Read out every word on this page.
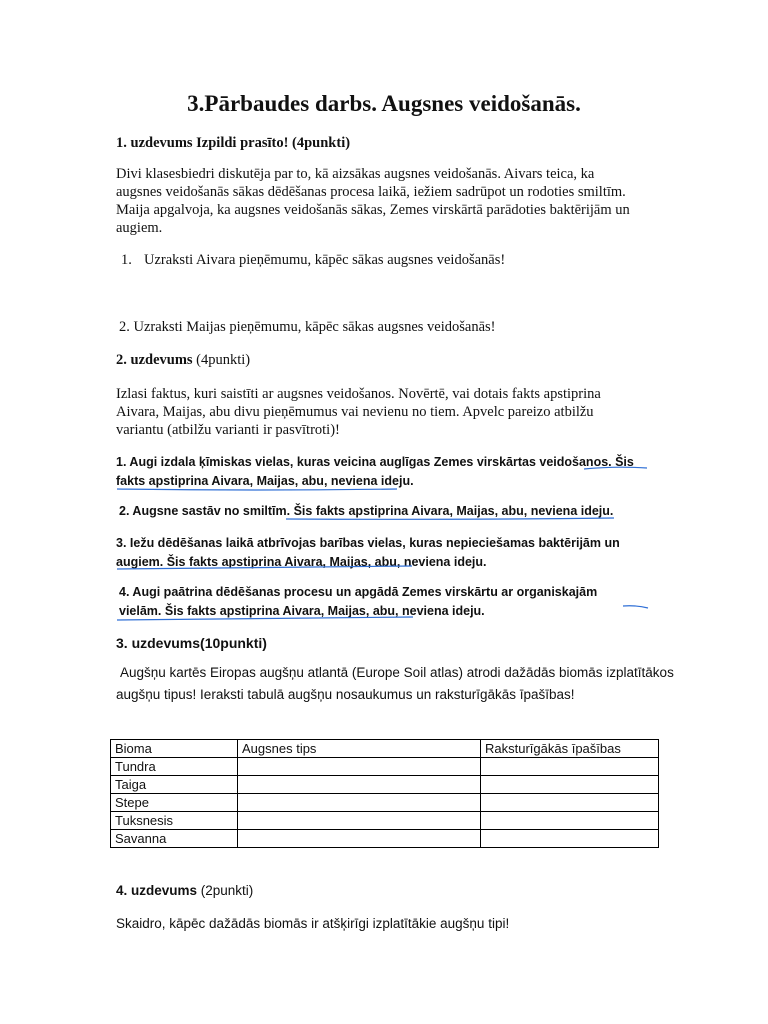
3.Pārbaudes darbs. Augsnes veidošanās.
1. uzdevums Izpildi prasīto! (4punkti)
Divi klasesbiedri diskutēja par to, kā aizsākas augsnes veidošanās. Aivars teica, ka augsnes veidošanās sākas dēdēšanas procesa laikā, iežiem sadrūpot un rodoties smiltīm. Maija apgalvoja, ka augsnes veidošanās sākas, Zemes virskārtā parādoties baktērijām un augiem.
1. Uzraksti Aivara pieņēmumu, kāpēc sākas augsnes veidošanās!
2. Uzraksti Maijas pieņēmumu, kāpēc sākas augsnes veidošanās!
2. uzdevums (4punkti)
Izlasi faktus, kuri saistīti ar augsnes veidošanos. Novērtē, vai dotais fakts apstiprina Aivara, Maijas, abu divu pieņēmumus vai nevienu no tiem. Apvelc pareizo atbilžu variantu (atbilžu varianti ir pasvītroti)!
1. Augi izdala ķīmiskas vielas, kuras veicina auglīgas Zemes virskārtas veidošanos. Šis fakts apstiprina Aivara, Maijas, abu, neviena ideju.
2. Augsne sastāv no smiltīm. Šis fakts apstiprina Aivara, Maijas, abu, neviena ideju.
3. Iežu dēdēšanas laikā atbrīvojas barības vielas, kuras nepieciešamas baktērijām un augiem. Šis fakts apstiprina Aivara, Maijas, abu, neviena ideju.
4. Augi paātrina dēdēšanas procesu un apgādā Zemes virskārtu ar organiskajām vielām. Šis fakts apstiprina Aivara, Maijas, abu, neviena ideju.
3. uzdevums(10punkti)
Augšņu kartēs Eiropas augšņu atlantā (Europe Soil atlas) atrodi dažādās biomās izplatītākos augšņu tipus! Ieraksti tabulā augšņu nosaukumus un raksturīgākās īpašības!
Bioma	Augsnes tips	Raksturīgākās īpašības
Tundra		
Taiga		
Stepe		
Tuksnesis		
Savanna		
4. uzdevums (2punkti)
Skaidro, kāpēc dažādās biomās ir atšķirīgi izplatītākie augšņu tipi!
